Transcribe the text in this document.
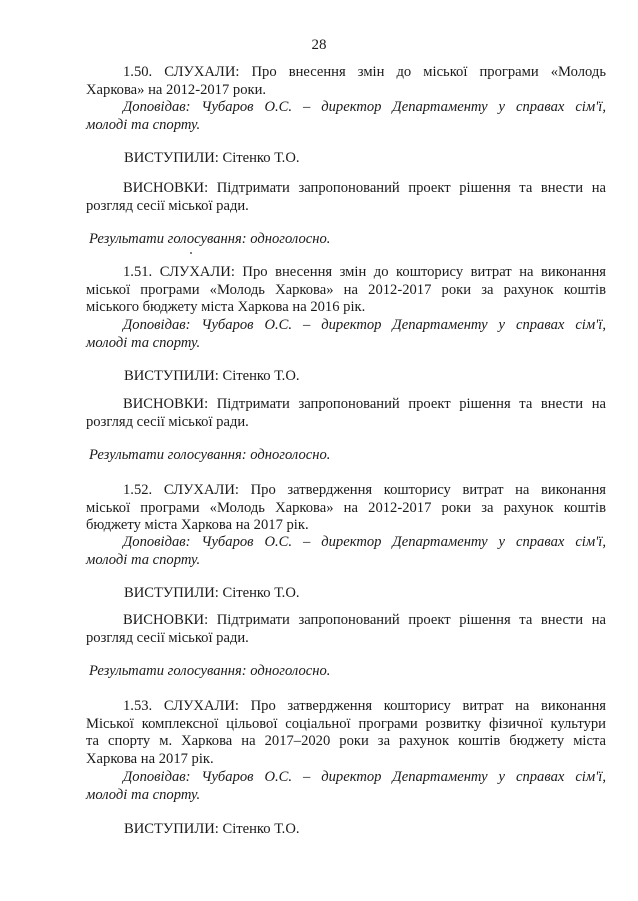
28
1.50. СЛУХАЛИ: Про внесення змін до міської програми «Молодь
Харкова» на 2012-2017 роки.
Доповідав: Чубаров О.С. – директор Департаменту у справах сім'ї,
молоді та спорту.
ВИСТУПИЛИ: Сітенко Т.О.
ВИСНОВКИ: Підтримати запропонований проект рішення та внести на
розгляд сесії міської ради.
Результати голосування: одноголосно.
1.51. СЛУХАЛИ: Про внесення змін до кошторису витрат на виконання
міської програми «Молодь Харкова» на 2012-2017 роки за рахунок коштів
міського бюджету міста Харкова на 2016 рік.
Доповідав: Чубаров О.С. – директор Департаменту у справах сім'ї,
молоді та спорту.
ВИСТУПИЛИ: Сітенко Т.О.
ВИСНОВКИ: Підтримати запропонований проект рішення та внести на
розгляд сесії міської ради.
Результати голосування: одноголосно.
1.52. СЛУХАЛИ: Про затвердження кошторису витрат на виконання
міської програми «Молодь Харкова» на 2012-2017 роки за рахунок коштів
бюджету міста Харкова на 2017 рік.
Доповідав: Чубаров О.С. – директор Департаменту у справах сім'ї,
молоді та спорту.
ВИСТУПИЛИ: Сітенко Т.О.
ВИСНОВКИ: Підтримати запропонований проект рішення та внести на
розгляд сесії міської ради.
Результати голосування: одноголосно.
1.53. СЛУХАЛИ: Про затвердження кошторису витрат на виконання
Міської комплексної цільової соціальної програми розвитку фізичної культури
та спорту м. Харкова на 2017–2020 роки за рахунок коштів бюджету міста
Харкова на 2017 рік.
Доповідав: Чубаров О.С. – директор Департаменту у справах сім'ї,
молоді та спорту.
ВИСТУПИЛИ: Сітенко Т.О.
